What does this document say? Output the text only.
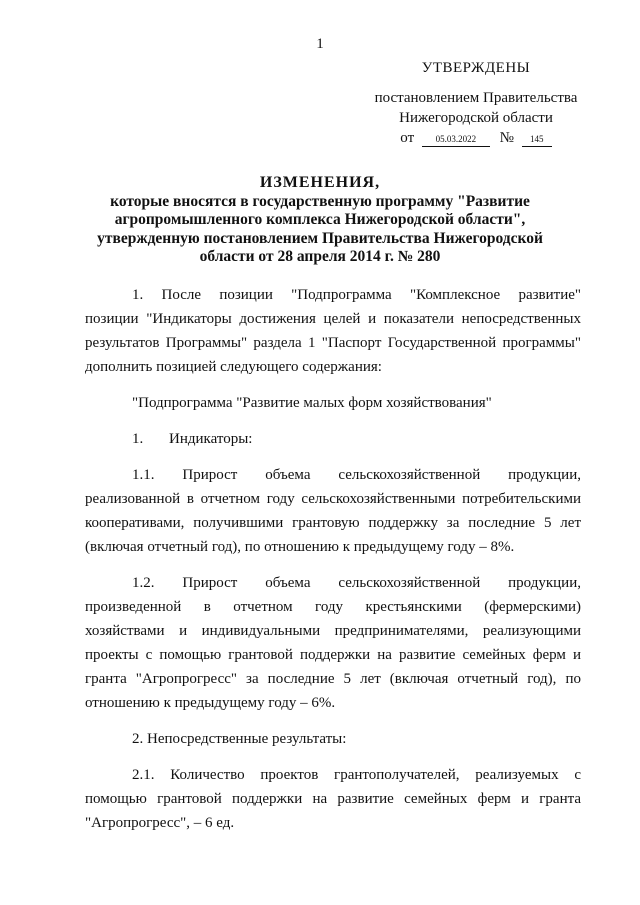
1
УТВЕРЖДЕНЫ
постановлением Правительства
Нижегородской области
от 05.03.2022 № 145
ИЗМЕНЕНИЯ,
которые вносятся в государственную программу "Развитие
агропромышленного комплекса Нижегородской области",
утвержденную постановлением Правительства Нижегородской
области от 28 апреля 2014 г. № 280

1. После позиции "Подпрограмма "Комплексное развитие"

позиции "Индикаторы достижения целей и показатели непосредственных

результатов Программы" раздела 1 "Паспорт Государственной программы"

дополнить позицией следующего содержания:

"Подпрограмма "Развитие малых форм хозяйствования"
1. Индикаторы:

1.1. Прирост объема сельскохозяйственной продукции,

реализованной в отчетном году сельскохозяйственными потребительскими

кооперативами, получившими грантовую поддержку за последние 5 лет

(включая отчетный год), по отношению к предыдущему году – 8%.

1.2. Прирост объема сельскохозяйственной продукции,

произведенной в отчетном году крестьянскими (фермерскими)

хозяйствами и индивидуальными предпринимателями, реализующими

проекты с помощью грантовой поддержки на развитие семейных ферм и

гранта "Агропрогресс" за последние 5 лет (включая отчетный год), по

отношению к предыдущему году – 6%.

2. Непосредственные результаты:

2.1. Количество проектов грантополучателей, реализуемых с

помощью грантовой поддержки на развитие семейных ферм и гранта

"Агропрогресс", – 6 ед.
